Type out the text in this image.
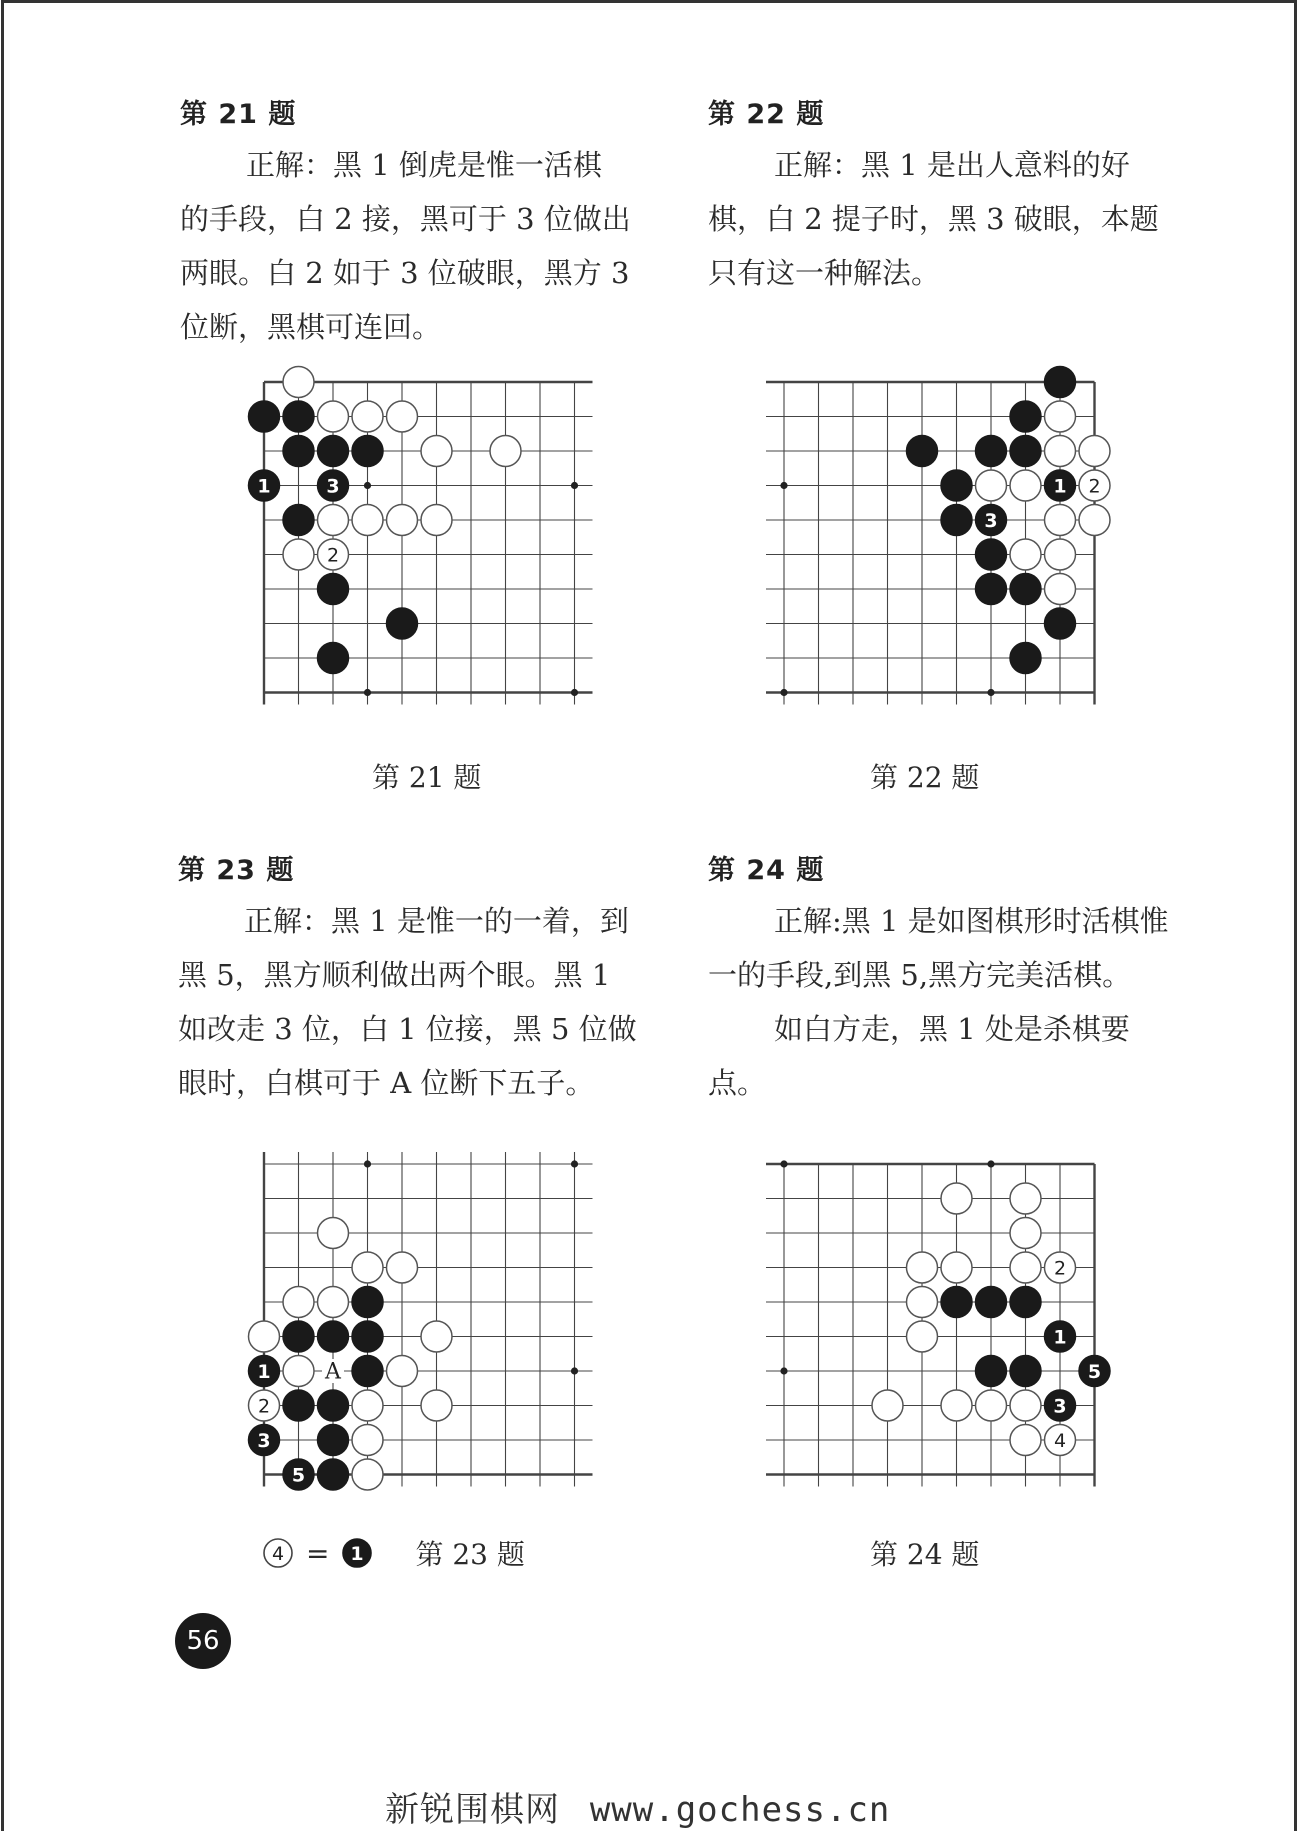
第 21 题
正解：黑 1 倒虎是惟一活棋
的手段，白 2 接，黑可于 3 位做出
两眼。白 2 如于 3 位破眼，黑方 3
位断，黑棋可连回。
1	3
2
第 21 题
第 22 题
正解：黑 1 是出人意料的好
棋，白 2 提子时，黑 3 破眼，本题
只有这一种解法。
1 2
3
第 22 题
第 23 题
正解：黑 1 是惟一的一着，到
黑 5，黑方顺利做出两个眼。黑 1
如改走 3 位，白 1 位接，黑 5 位做
眼时，白棋可于 A 位断下五子。
1
2
3
5
A
4 = 1 第 23 题
第 24 题
正解:黑 1 是如图棋形时活棋惟
一的手段,到黑 5,黑方完美活棋。
如白方走，黑 1 处是杀棋要
点。
2
1
5
3
4
第 24 题
56
新锐围棋网 www.gochess.cn
